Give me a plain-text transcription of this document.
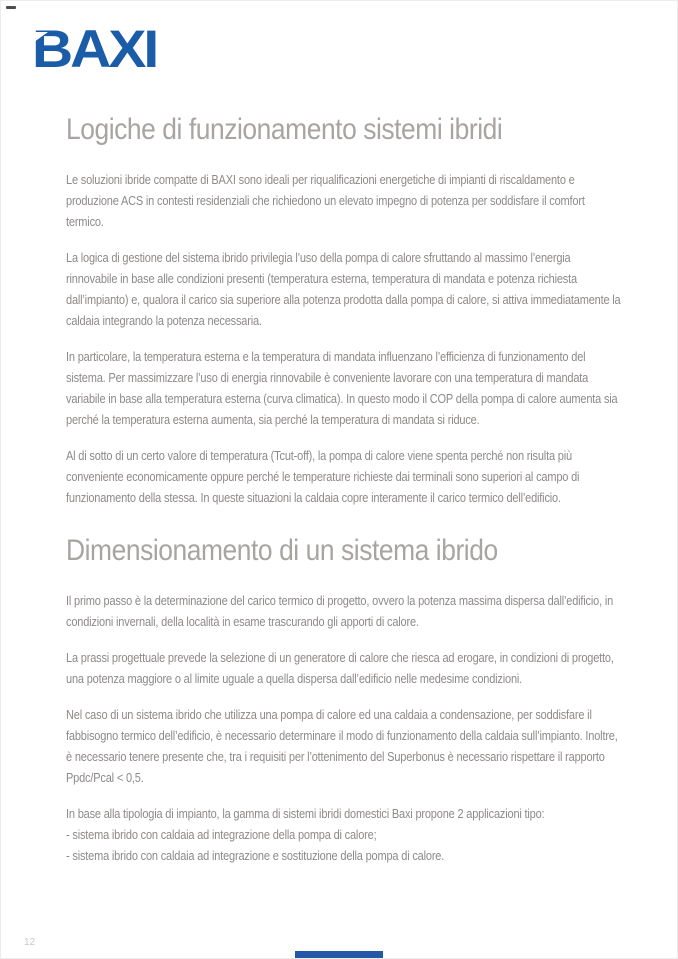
BAXI
Logiche di funzionamento sistemi ibridi

Le soluzioni ibride compatte di BAXI sono ideali per riqualificazioni energetiche di impianti di riscaldamento e produzione ACS in contesti residenziali che richiedono un elevato impegno di potenza per soddisfare il comfort termico.

La logica di gestione del sistema ibrido privilegia l’uso della pompa di calore sfruttando al massimo l’energia rinnovabile in base alle condizioni presenti (temperatura esterna, temperatura di mandata e potenza richiesta dall’impianto) e, qualora il carico sia superiore alla potenza prodotta dalla pompa di calore, si attiva immediatamente la caldaia integrando la potenza necessaria.

In particolare, la temperatura esterna e la temperatura di mandata influenzano l’efficienza di funzionamento del sistema. Per massimizzare l’uso di energia rinnovabile è conveniente lavorare con una temperatura di mandata variabile in base alla temperatura esterna (curva climatica). In questo modo il COP della pompa di calore aumenta sia perché la temperatura esterna aumenta, sia perché la temperatura di mandata si riduce.

Al di sotto di un certo valore di temperatura (Tcut-off), la pompa di calore viene spenta perché non risulta più conveniente economicamente oppure perché le temperature richieste dai terminali sono superiori al campo di funzionamento della stessa. In queste situazioni la caldaia copre interamente il carico termico dell’edificio.

Dimensionamento di un sistema ibrido

Il primo passo è la determinazione del carico termico di progetto, ovvero la potenza massima dispersa dall’edificio, in condizioni invernali, della località in esame trascurando gli apporti di calore.

La prassi progettuale prevede la selezione di un generatore di calore che riesca ad erogare, in condizioni di progetto, una potenza maggiore o al limite uguale a quella dispersa dall’edificio nelle medesime condizioni.

Nel caso di un sistema ibrido che utilizza una pompa di calore ed una caldaia a condensazione, per soddisfare il fabbisogno termico dell’edificio, è necessario determinare il modo di funzionamento della caldaia sull’impianto. Inoltre, è necessario tenere presente che, tra i requisiti per l’ottenimento del Superbonus è necessario rispettare il rapporto Ppdc/Pcal < 0,5.

In base alla tipologia di impianto, la gamma di sistemi ibridi domestici Baxi propone 2 applicazioni tipo:
- sistema ibrido con caldaia ad integrazione della pompa di calore;
- sistema ibrido con caldaia ad integrazione e sostituzione della pompa di calore.
12
